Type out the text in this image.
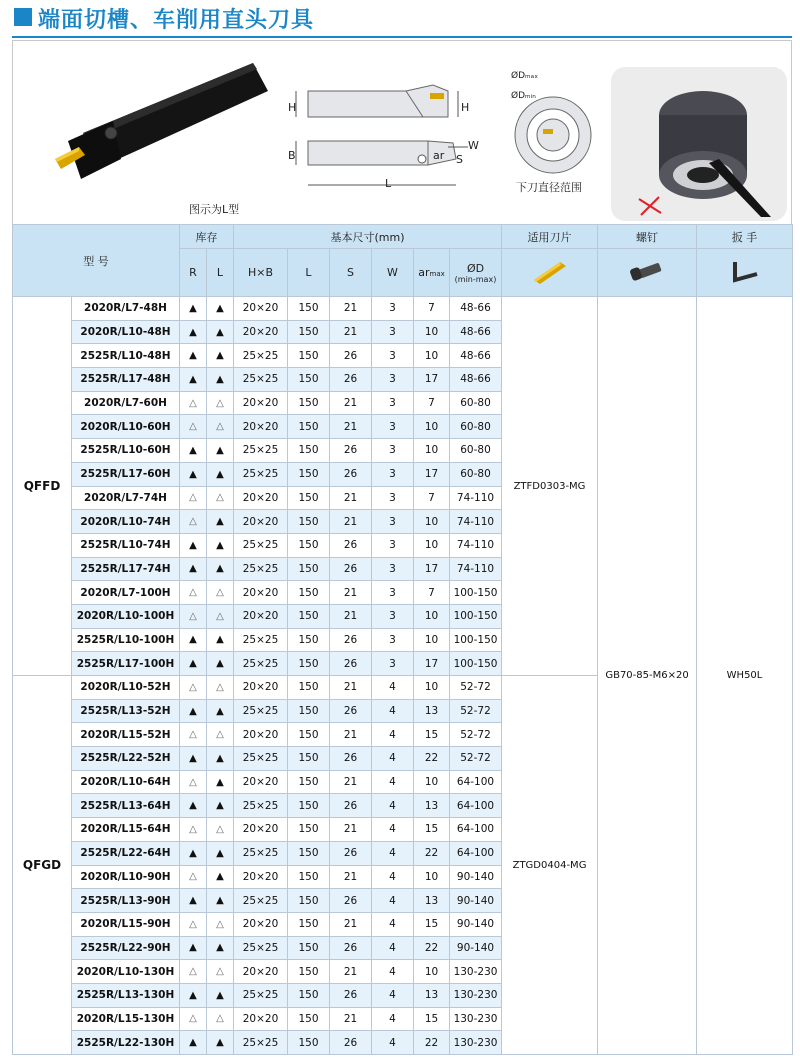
端面切槽、车削用直头刀具
图示为L型
H	H
B
L
W
S
ar
ØDₘₐₓ
ØDₘᵢₙ
下刀直径范围
型 号		库存		基本尺寸(mm)						适用刀片	螺钉	扳 手
		R	L	H×B	L	S	W	armax	ØD
(min-max)

QFFD	2020R/L7-48H	▲	▲	20×20	150	21	3	7	48-66	ZTFD0303-MG	GB70-85-M6×20	WH50L
	2020R/L10-48H	▲	▲	20×20	150	21	3	10	48-66			
	2525R/L10-48H	▲	▲	25×25	150	26	3	10	48-66			
	2525R/L17-48H	▲	▲	25×25	150	26	3	17	48-66			
	2020R/L7-60H	△	△	20×20	150	21	3	7	60-80			
	2020R/L10-60H	△	△	20×20	150	21	3	10	60-80			
	2525R/L10-60H	▲	▲	25×25	150	26	3	10	60-80			
	2525R/L17-60H	▲	▲	25×25	150	26	3	17	60-80			
	2020R/L7-74H	△	△	20×20	150	21	3	7	74-110			
	2020R/L10-74H	△	▲	20×20	150	21	3	10	74-110			
	2525R/L10-74H	▲	▲	25×25	150	26	3	10	74-110			
	2525R/L17-74H	▲	▲	25×25	150	26	3	17	74-110			
	2020R/L7-100H	△	△	20×20	150	21	3	7	100-150			
	2020R/L10-100H	△	△	20×20	150	21	3	10	100-150			
	2525R/L10-100H	▲	▲	25×25	150	26	3	10	100-150			
	2525R/L17-100H	▲	▲	25×25	150	26	3	17	100-150			
QFGD	2020R/L10-52H	△	△	20×20	150	21	4	10	52-72	ZTGD0404-MG		
	2525R/L13-52H	▲	▲	25×25	150	26	4	13	52-72			
	2020R/L15-52H	△	△	20×20	150	21	4	15	52-72			
	2525R/L22-52H	▲	▲	25×25	150	26	4	22	52-72			
	2020R/L10-64H	△	▲	20×20	150	21	4	10	64-100			
	2525R/L13-64H	▲	▲	25×25	150	26	4	13	64-100			
	2020R/L15-64H	△	△	20×20	150	21	4	15	64-100			
	2525R/L22-64H	▲	▲	25×25	150	26	4	22	64-100			
	2020R/L10-90H	△	▲	20×20	150	21	4	10	90-140			
	2525R/L13-90H	▲	▲	25×25	150	26	4	13	90-140			
	2020R/L15-90H	△	△	20×20	150	21	4	15	90-140			
	2525R/L22-90H	▲	▲	25×25	150	26	4	22	90-140			
	2020R/L10-130H	△	△	20×20	150	21	4	10	130-230			
	2525R/L13-130H	▲	▲	25×25	150	26	4	13	130-230			
	2020R/L15-130H	△	△	20×20	150	21	4	15	130-230			
	2525R/L22-130H	▲	▲	25×25	150	26	4	22	130-230			
